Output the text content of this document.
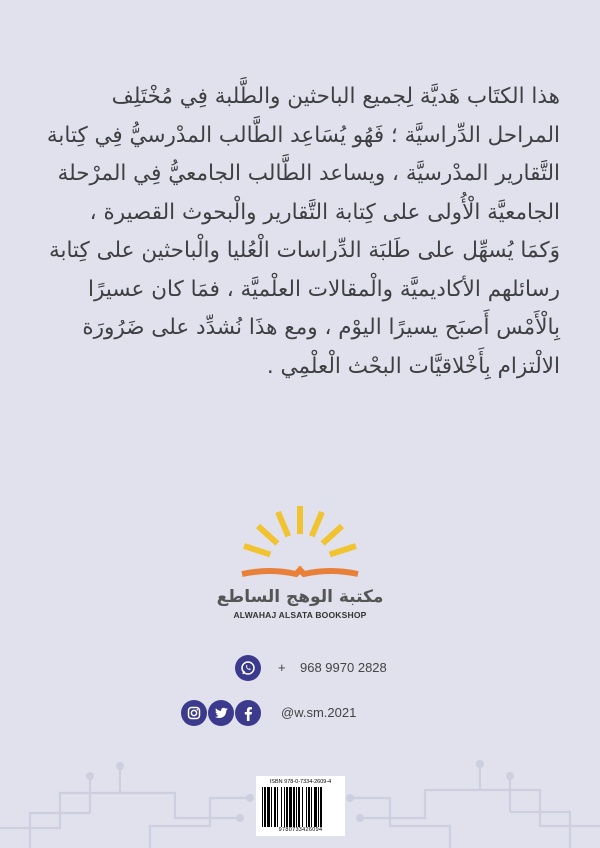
هذا الكتَاب هَديَّة لِجميع الباحثين والطَّلبة فِي مُخْتَلِف
المراحل الدِّراسيَّة ؛ فَهُو يُسَاعِد الطَّالب المدْرسيُّ فِي كِتابة
التَّقارير المدْرسيَّة ، ويساعد الطَّالب الجامعيُّ فِي المرْحلة
الجامعيَّة الْأُولى على كِتابة التَّقارير والْبحوث القصيرة ،
وَكمَا يُسهِّل على طَلبَة الدِّراسات الْعُليا والْباحثين على كِتابة
رسائلهم الأكاديميَّة والْمقالات العلْميَّة ، فمَا كان عسيرًا
بِالْأَمْس أَصبَح يسيرًا اليوْم ، ومع هذَا نُشدِّد على ضَرُورَة
الالْتزام بِأَخْلاقيَّات البحْث الْعلْمِي .

مكتبة الوهج الساطع
ALWAHAJ ALSATA BOOKSHOP
+ 968 9970 2828
@w.sm.2021
ISBN 978-0-7334-2609-4
9780733426094
